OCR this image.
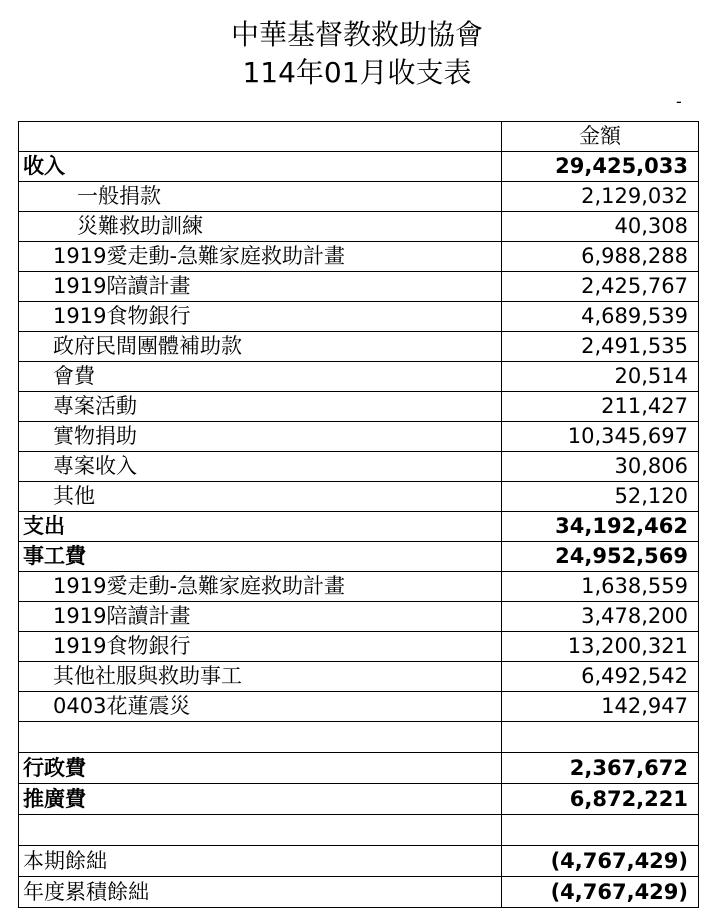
中華基督教救助協會
114年01月收支表
-
	金額
收入	29,425,033
一般捐款	2,129,032
災難救助訓練	40,308
1919愛走動-急難家庭救助計畫	6,988,288
1919陪讀計畫	2,425,767
1919食物銀行	4,689,539
政府民間團體補助款	2,491,535
會費	20,514
專案活動	211,427
實物捐助	10,345,697
專案收入	30,806
其他	52,120
支出	34,192,462
事工費	24,952,569
1919愛走動-急難家庭救助計畫	1,638,559
1919陪讀計畫	3,478,200
1919食物銀行	13,200,321
其他社服與救助事工	6,492,542
0403花蓮震災	142,947

行政費	2,367,672
推廣費	6,872,221

本期餘絀	(4,767,429)
年度累積餘絀	(4,767,429)
